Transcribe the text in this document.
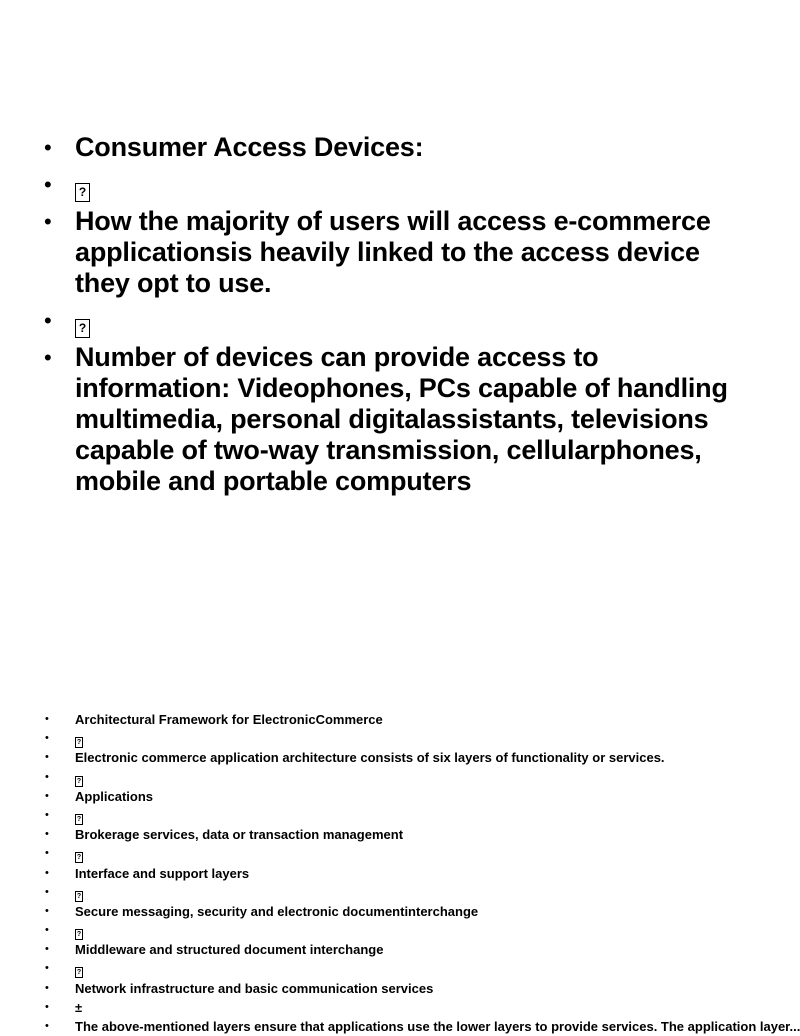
• Consumer Access Devices:
• ?
• How the majority of users will access e-commerce applicationsis heavily linked to the access device they opt to use.
• ?
• Number of devices can provide access to information: Videophones, PCs capable of handling multimedia, personal digitalassistants, televisions capable of two-way transmission, cellularphones, mobile and portable computers
• Architectural Framework for ElectronicCommerce
•	?
• Electronic commerce application architecture consists of six layers of functionality or services.
•	?
• Applications
•	?
• Brokerage services, data or transaction management
•	?
• Interface and support layers
•	?
• Secure messaging, security and electronic documentinterchange
•	?
• Middleware and structured document interchange
•	?
• Network infrastructure and basic communication services
• ±
• The above-mentioned layers ensure that applications use the lower layers to provide services. The application layer...
